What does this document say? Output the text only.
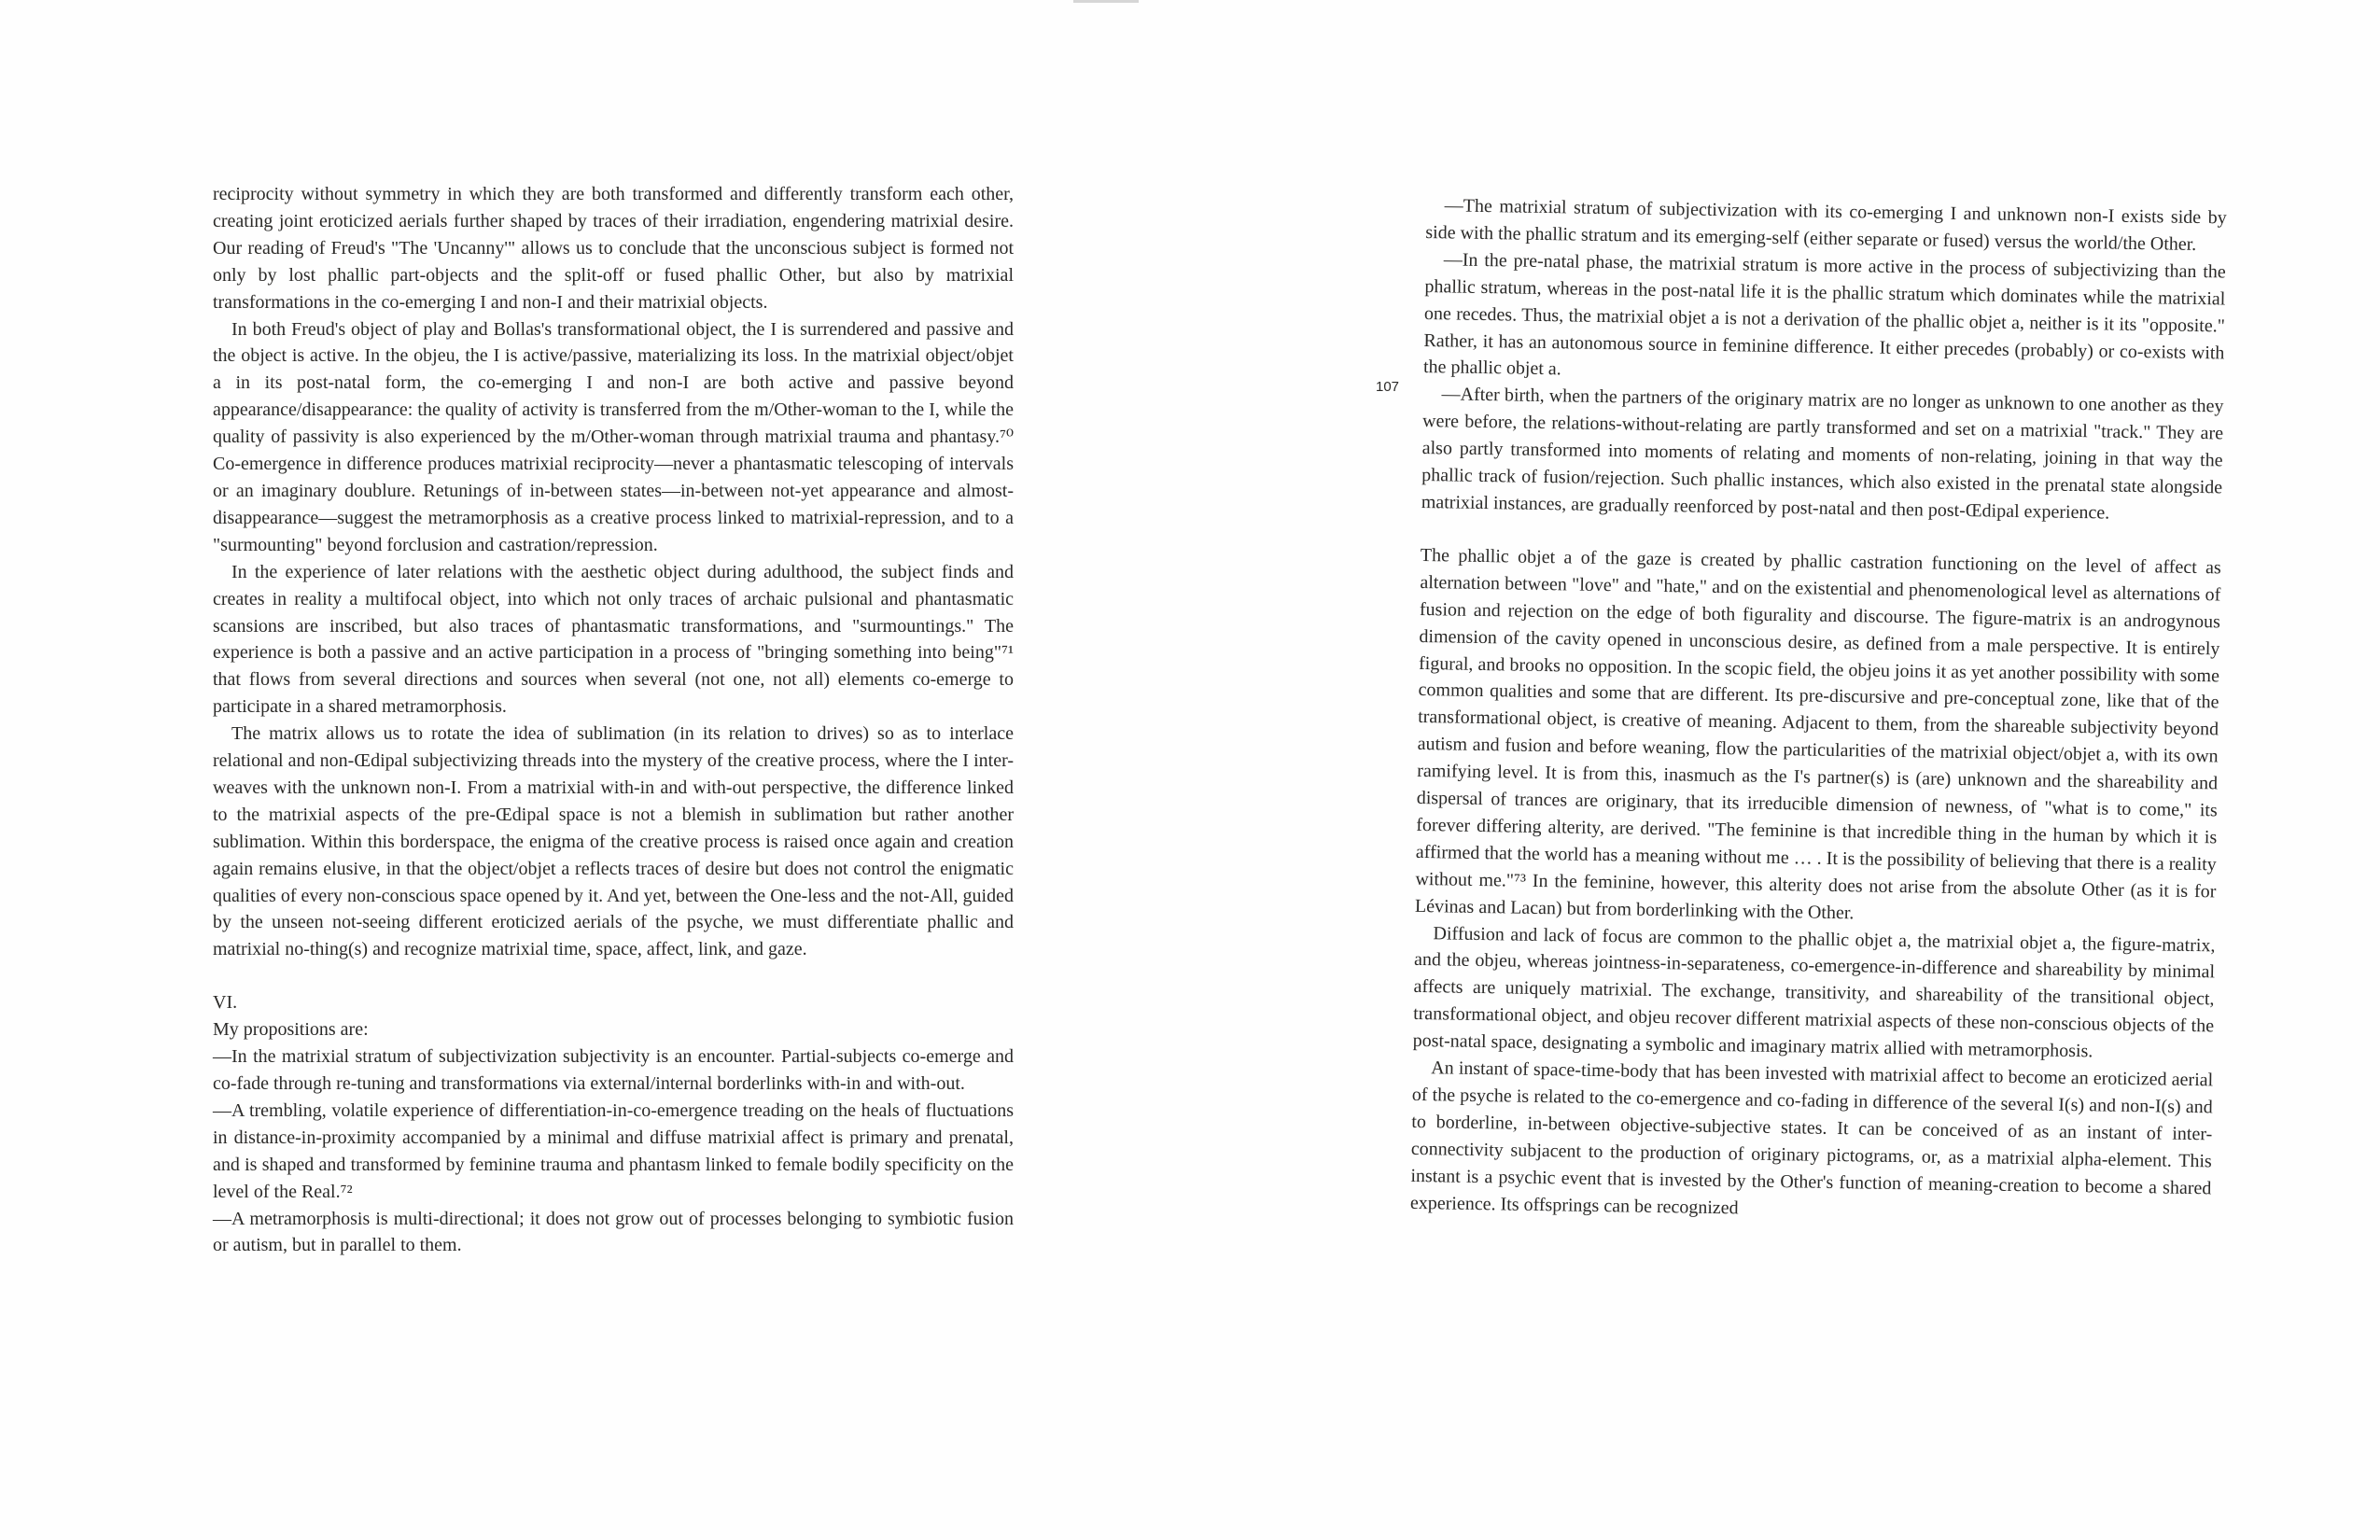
reciprocity without symmetry in which they are both transformed and differently transform each other, creating joint eroticized aerials further shaped by traces of their irradiation, engendering matrixial desire. Our reading of Freud's "The 'Uncanny'" allows us to conclude that the unconscious subject is formed not only by lost phallic part-objects and the split-off or fused phallic Other, but also by matrixial transformations in the co-emerging I and non-I and their matrixial objects.

In both Freud's object of play and Bollas's transformational object, the I is surrendered and passive and the object is active. In the objeu, the I is active/passive, materializing its loss. In the matrixial object/objet a in its post-natal form, the co-emerging I and non-I are both active and passive beyond appearance/disappearance: the quality of activity is transferred from the m/Other-woman to the I, while the quality of passivity is also experienced by the m/Other-woman through matrixial trauma and phantasy.⁷⁰ Co-emergence in difference produces matrixial reciprocity—never a phantasmatic telescoping of intervals or an imaginary doublure. Retunings of in-between states—in-between not-yet appearance and almost-disappearance—suggest the metramorphosis as a creative process linked to matrixial-repression, and to a "surmounting" beyond forclusion and castration/repression.

In the experience of later relations with the aesthetic object during adulthood, the subject finds and creates in reality a multifocal object, into which not only traces of archaic pulsional and phantasmatic scansions are inscribed, but also traces of phantasmatic transformations, and "surmountings." The experience is both a passive and an active participation in a process of "bringing something into being"⁷¹ that flows from several directions and sources when several (not one, not all) elements co-emerge to participate in a shared metramorphosis.

The matrix allows us to rotate the idea of sublimation (in its relation to drives) so as to interlace relational and non-Œdipal subjectivizing threads into the mystery of the creative process, where the I inter-weaves with the unknown non-I. From a matrixial with-in and with-out perspective, the difference linked to the matrixial aspects of the pre-Œdipal space is not a blemish in sublimation but rather another sublimation. Within this borderspace, the enigma of the creative process is raised once again and creation again remains elusive, in that the object/objet a reflects traces of desire but does not control the enigmatic qualities of every non-conscious space opened by it. And yet, between the One-less and the not-All, guided by the unseen not-seeing different eroticized aerials of the psyche, we must differentiate phallic and matrixial no-thing(s) and recognize matrixial time, space, affect, link, and gaze.

VI.

My propositions are:

—In the matrixial stratum of subjectivization subjectivity is an encounter. Partial-subjects co-emerge and co-fade through re-tuning and transformations via external/internal borderlinks with-in and with-out.

—A trembling, volatile experience of differentiation-in-co-emergence treading on the heals of fluctuations in distance-in-proximity accompanied by a minimal and diffuse matrixial affect is primary and prenatal, and is shaped and transformed by feminine trauma and phantasm linked to female bodily specificity on the level of the Real.⁷²

—A metramorphosis is multi-directional; it does not grow out of processes belonging to symbiotic fusion or autism, but in parallel to them.

107

—The matrixial stratum of subjectivization with its co-emerging I and unknown non-I exists side by side with the phallic stratum and its emerging-self (either separate or fused) versus the world/the Other.

—In the pre-natal phase, the matrixial stratum is more active in the process of subjectivizing than the phallic stratum, whereas in the post-natal life it is the phallic stratum which dominates while the matrixial one recedes. Thus, the matrixial objet a is not a derivation of the phallic objet a, neither is it its "opposite." Rather, it has an autonomous source in feminine difference. It either precedes (probably) or co-exists with the phallic objet a.

—After birth, when the partners of the originary matrix are no longer as unknown to one another as they were before, the relations-without-relating are partly transformed and set on a matrixial "track." They are also partly transformed into moments of relating and moments of non-relating, joining in that way the phallic track of fusion/rejection. Such phallic instances, which also existed in the prenatal state alongside matrixial instances, are gradually reenforced by post-natal and then post-Œdipal experience.

The phallic objet a of the gaze is created by phallic castration functioning on the level of affect as alternation between "love" and "hate," and on the existential and phenomenological level as alternations of fusion and rejection on the edge of both figurality and discourse. The figure-matrix is an androgynous dimension of the cavity opened in unconscious desire, as defined from a male perspective. It is entirely figural, and brooks no opposition. In the scopic field, the objeu joins it as yet another possibility with some common qualities and some that are different. Its pre-discursive and pre-conceptual zone, like that of the transformational object, is creative of meaning. Adjacent to them, from the shareable subjectivity beyond autism and fusion and before weaning, flow the particularities of the matrixial object/objet a, with its own ramifying level. It is from this, inasmuch as the I's partner(s) is (are) unknown and the shareability and dispersal of trances are originary, that its irreducible dimension of newness, of "what is to come," its forever differing alterity, are derived. "The feminine is that incredible thing in the human by which it is affirmed that the world has a meaning without me … . It is the possibility of believing that there is a reality without me."⁷³ In the feminine, however, this alterity does not arise from the absolute Other (as it is for Lévinas and Lacan) but from borderlinking with the Other.

Diffusion and lack of focus are common to the phallic objet a, the matrixial objet a, the figure-matrix, and the objeu, whereas jointness-in-separateness, co-emergence-in-difference and shareability by minimal affects are uniquely matrixial. The exchange, transitivity, and shareability of the transitional object, transformational object, and objeu recover different matrixial aspects of these non-conscious objects of the post-natal space, designating a symbolic and imaginary matrix allied with metramorphosis.

An instant of space-time-body that has been invested with matrixial affect to become an eroticized aerial of the psyche is related to the co-emergence and co-fading in difference of the several I(s) and non-I(s) and to borderline, in-between objective-subjective states. It can be conceived of as an instant of inter-connectivity subjacent to the production of originary pictograms, or, as a matrixial alpha-element. This instant is a psychic event that is invested by the Other's function of meaning-creation to become a shared experience. Its offsprings can be recognized
